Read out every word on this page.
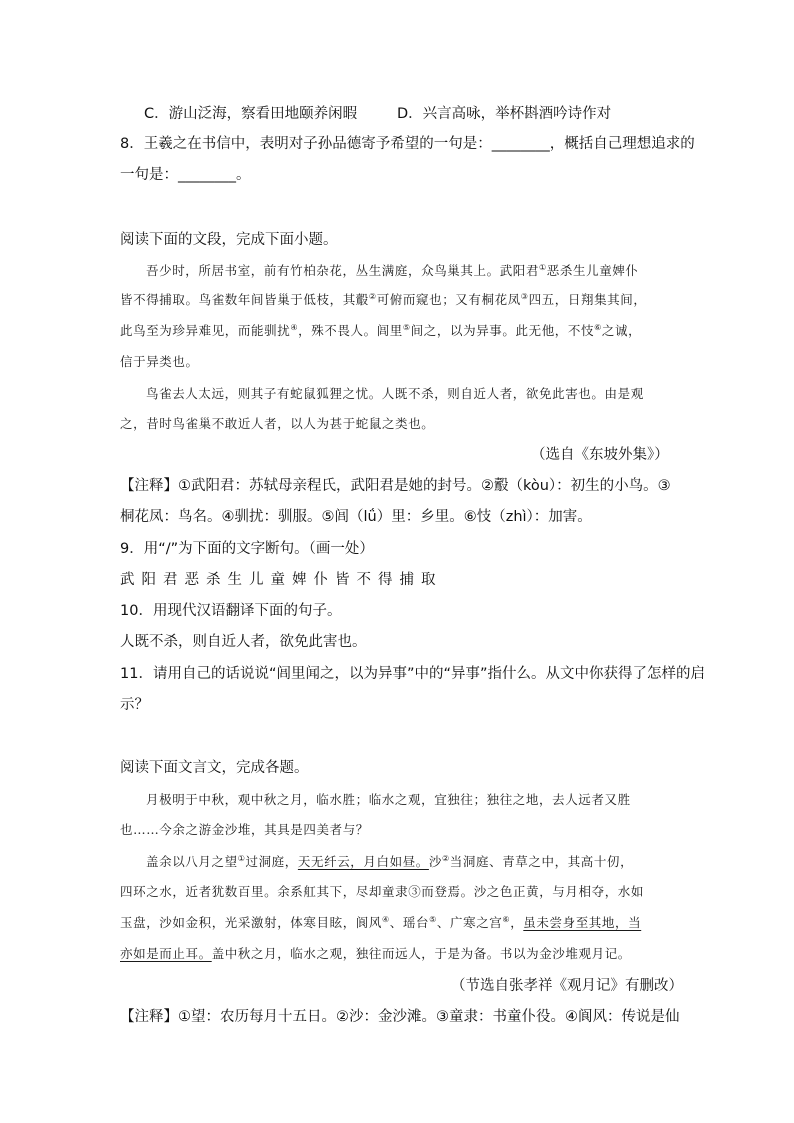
C．游山泛海，察看田地颐养闲暇	D．兴言高咏，举杯斟酒吟诗作对
8．王羲之在书信中，表明对子孙品德寄予希望的一句是：________，概括自己理想追求的
一句是：________。
阅读下面的文段，完成下面小题。
吾少时，所居书室，前有竹柏杂花，丛生满庭，众鸟巢其上。武阳君①恶杀生儿童婢仆
皆不得捕取。鸟雀数年间皆巢于低枝，其鷇②可俯而窥也；又有桐花凤③四五，日翔集其间，
此鸟至为珍异难见，而能驯扰④，殊不畏人。闾里⑤间之，以为异事。此无他，不忮⑥之诚，
信于异类也。
鸟雀去人太远，则其子有蛇鼠狐狸之忧。人既不杀，则自近人者，欲免此害也。由是观
之，昔时鸟雀巢不敢近人者，以人为甚于蛇鼠之类也。
（选自《东坡外集》）
【注释】①武阳君：苏轼母亲程氏，武阳君是她的封号。②鷇（kòu）：初生的小鸟。③
桐花凤：鸟名。④驯扰：驯服。⑤闾（lǘ）里：乡里。⑥忮（zhì）：加害。
9．用“/”为下面的文字断句。（画一处）
武阳君恶杀生儿童婢仆皆不得捕取
10．用现代汉语翻译下面的句子。
人既不杀，则自近人者，欲免此害也。
11．请用自己的话说说“闾里闻之，以为异事”中的“异事”指什么。从文中你获得了怎样的启
示？
阅读下面文言文，完成各题。
月极明于中秋，观中秋之月，临水胜；临水之观，宜独往；独往之地，去人远者又胜
也……今余之游金沙堆，其具是四美者与？
盖余以八月之望①过洞庭，天无纤云，月白如昼。沙②当洞庭、青草之中，其高十仞，
四环之水，近者犹数百里。余系舡其下，尽却童隶③而登焉。沙之色正黄，与月相夺，水如
玉盘，沙如金积，光采激射，体寒目眩，阆风④、瑶台⑤、广寒之宫⑥，虽未尝身至其地，当
亦如是而止耳。盖中秋之月，临水之观，独往而远人，于是为备。书以为金沙堆观月记。
（节选自张孝祥《观月记》有删改）
【注释】①望：农历每月十五日。②沙：金沙滩。③童隶：书童仆役。④阆风：传说是仙
